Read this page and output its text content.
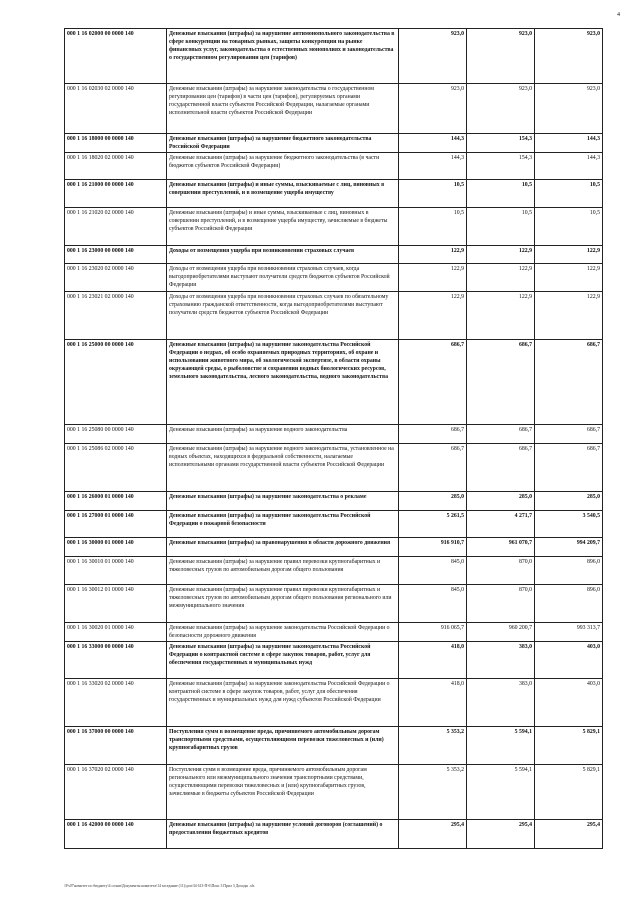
4
000 1 16 02000 00 0000 140	Денежные взыскания (штрафы) за нарушение антимонопольного законодательства в сфере конкуренции на товарных рынках, защиты конкуренции на рынке финансовых услуг, законодательства о естественных монополиях и законодательства о государственном регулировании цен (тарифов)	923,0	923,0	923,0
000 1 16 02030 02 0000 140	Денежные взыскания (штрафы) за нарушение законодательства о государственном регулировании цен (тарифов) в части цен (тарифов), регулируемых органами государственной власти субъектов Российской Федерации, налагаемые органами исполнительной власти субъектов Российской Федерации	923,0	923,0	923,0
000 1 16 18000 00 0000 140	Денежные взыскания (штрафы) за нарушение бюджетного законодательства Российской Федерации	144,3	154,3	144,3
000 1 16 18020 02 0000 140	Денежные взыскания (штрафы) за нарушение бюджетного законодательства (в части бюджетов субъектов Российской Федерации)	144,3	154,3	144,3
000 1 16 21000 00 0000 140	Денежные взыскания (штрафы) и иные суммы, взыскиваемые с лиц, виновных в совершении преступлений, и в возмещение ущерба имуществу	10,5	10,5	10,5
000 1 16 21020 02 0000 140	Денежные взыскания (штрафы) и иные суммы, взыскиваемые с лиц, виновных в совершении преступлений, и в возмещение ущерба имуществу, зачисляемые в бюджеты субъектов Российской Федерации	10,5	10,5	10,5
000 1 16 23000 00 0000 140	Доходы от возмещения ущерба при возникновении страховых случаев	122,9	122,9	122,9
000 1 16 23020 02 0000 140	Доходы от возмещения ущерба при возникновении страховых случаев, когда выгодоприобретателями выступают получатели средств бюджетов субъектов Российской Федерации	122,9	122,9	122,9
000 1 16 23021 02 0000 140	Доходы от возмещения ущерба при возникновении страховых случаев по обязательному страхованию гражданской ответственности, когда выгодоприобретателями выступают получатели средств бюджетов субъектов Российской Федерации	122,9	122,9	122,9
000 1 16 25000 00 0000 140	Денежные взыскания (штрафы) за нарушение законодательства Российской Федерации о недрах, об особо охраняемых природных территориях, об охране и использовании животного мира, об экологической экспертизе, в области охраны окружающей среды, о рыболовстве и сохранении водных биологических ресурсов, земельного законодательства, лесного законодательства, водного законодательства	686,7	686,7	686,7
000 1 16 25080 00 0000 140	Денежные взыскания (штрафы) за нарушение водного законодательства	686,7	686,7	686,7
000 1 16 25086 02 0000 140	Денежные взыскания (штрафы) за нарушение водного законодательства, установленное на водных объектах, находящихся в федеральной собственности, налагаемые исполнительными органами государственной власти субъектов Российской Федерации	686,7	686,7	686,7
000 1 16 26000 01 0000 140	Денежные взыскания (штрафы) за нарушение законодательства о рекламе	285,0	285,0	285,0
000 1 16 27000 01 0000 140	Денежные взыскания (штрафы) за нарушение законодательства Российской Федерации о пожарной безопасности	5 261,5	4 271,7	3 540,5
000 1 16 30000 01 0000 140	Денежные взыскания (штрафы) за правонарушения в области дорожного движения	916 910,7	961 070,7	994 209,7
000 1 16 30010 01 0000 140	Денежные взыскания (штрафы) за нарушение правил перевозки крупногабаритных и тяжеловесных грузов по автомобильным дорогам общего пользования	845,0	870,0	896,0
000 1 16 30012 01 0000 140	Денежные взыскания (штрафы) за нарушение правил перевозки крупногабаритных и тяжеловесных грузов по автомобильным дорогам общего пользования регионального или межмуниципального значения	845,0	870,0	896,0
000 1 16 30020 01 0000 140	Денежные взыскания (штрафы) за нарушение законодательства Российской Федерации о безопасности дорожного движения	916 065,7	960 200,7	993 313,7
000 1 16 33000 00 0000 140	Денежные взыскания (штрафы) за нарушение законодательства Российской Федерации о контрактной системе в сфере закупок товаров, работ, услуг для обеспечения государственных и муниципальных нужд	418,0	383,0	403,0
000 1 16 33020 02 0000 140	Денежные взыскания (штрафы) за нарушение законодательства Российской Федерации о контрактной системе в сфере закупок товаров, работ, услуг для обеспечения государственных и муниципальных нужд для нужд субъектов Российской Федерации	418,0	383,0	403,0
000 1 16 37000 00 0000 140	Поступления сумм в возмещение вреда, причиняемого автомобильным дорогам транспортными средствами, осуществляющими перевозки тяжеловесных и (или) крупногабаритных грузов	5 353,2	5 594,1	5 829,1
000 1 16 37020 02 0000 140	Поступления сумм в возмещение вреда, причиняемого автомобильным дорогам регионального или межмуниципального значения транспортными средствами, осуществляющими перевозки тяжеловесных и (или) крупногабаритных грузов, зачисляемые в бюджеты субъектов Российской Федерации	5 353,2	5 594,1	5 829,1
000 1 16 42000 00 0000 140	Денежные взыскания (штрафы) за нарушение условий договоров (соглашений) о предоставлении бюджетных кредитов	295,4	295,4	295,4
\\Fs07\комитет по бюджету\4 созыв\Документы комитета\14 заседание (11)\доп\34 613-П-6\Пояс 3 Прил 3 Доходы .xls
